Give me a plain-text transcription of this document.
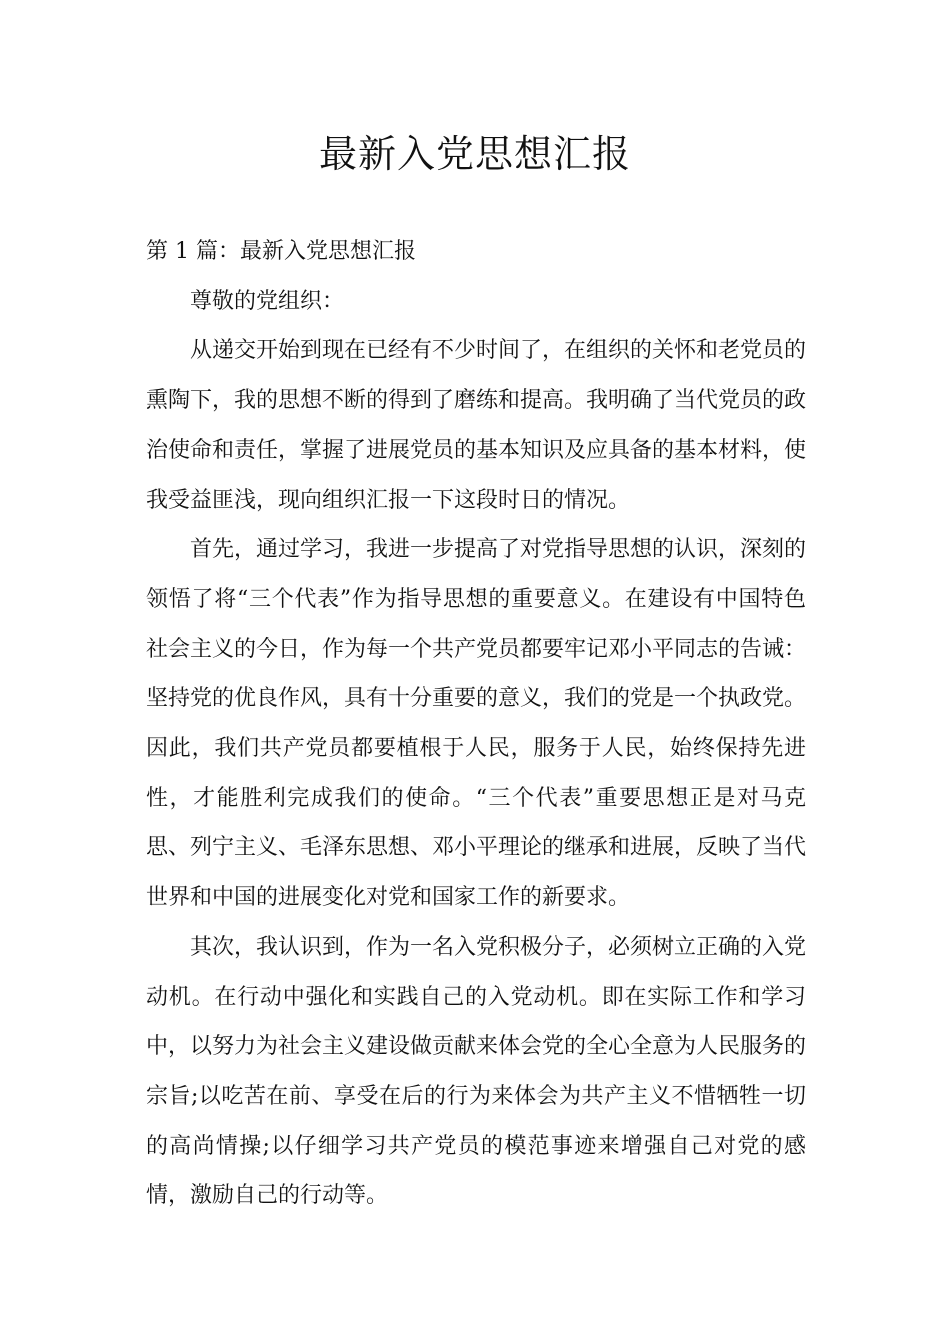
最新入党思想汇报

第 1 篇：最新入党思想汇报

尊敬的党组织：

从递交开始到现在已经有不少时间了，在组织的关怀和老党员的熏陶下，我的思想不断的得到了磨练和提高。我明确了当代党员的政治使命和责任，掌握了进展党员的基本知识及应具备的基本材料，使我受益匪浅，现向组织汇报一下这段时日的情况。

首先，通过学习，我进一步提高了对党指导思想的认识，深刻的领悟了将“三个代表”作为指导思想的重要意义。在建设有中国特色社会主义的今日，作为每一个共产党员都要牢记邓小平同志的告诫：坚持党的优良作风，具有十分重要的意义，我们的党是一个执政党。因此，我们共产党员都要植根于人民，服务于人民，始终保持先进性，才能胜利完成我们的使命。“三个代表”重要思想正是对马克思、列宁主义、毛泽东思想、邓小平理论的继承和进展，反映了当代世界和中国的进展变化对党和国家工作的新要求。

其次，我认识到，作为一名入党积极分子，必须树立正确的入党动机。在行动中强化和实践自己的入党动机。即在实际工作和学习中，以努力为社会主义建设做贡献来体会党的全心全意为人民服务的宗旨;以吃苦在前、享受在后的行为来体会为共产主义不惜牺牲一切的高尚情操;以仔细学习共产党员的模范事迹来增强自己对党的感情，激励自己的行动等。
